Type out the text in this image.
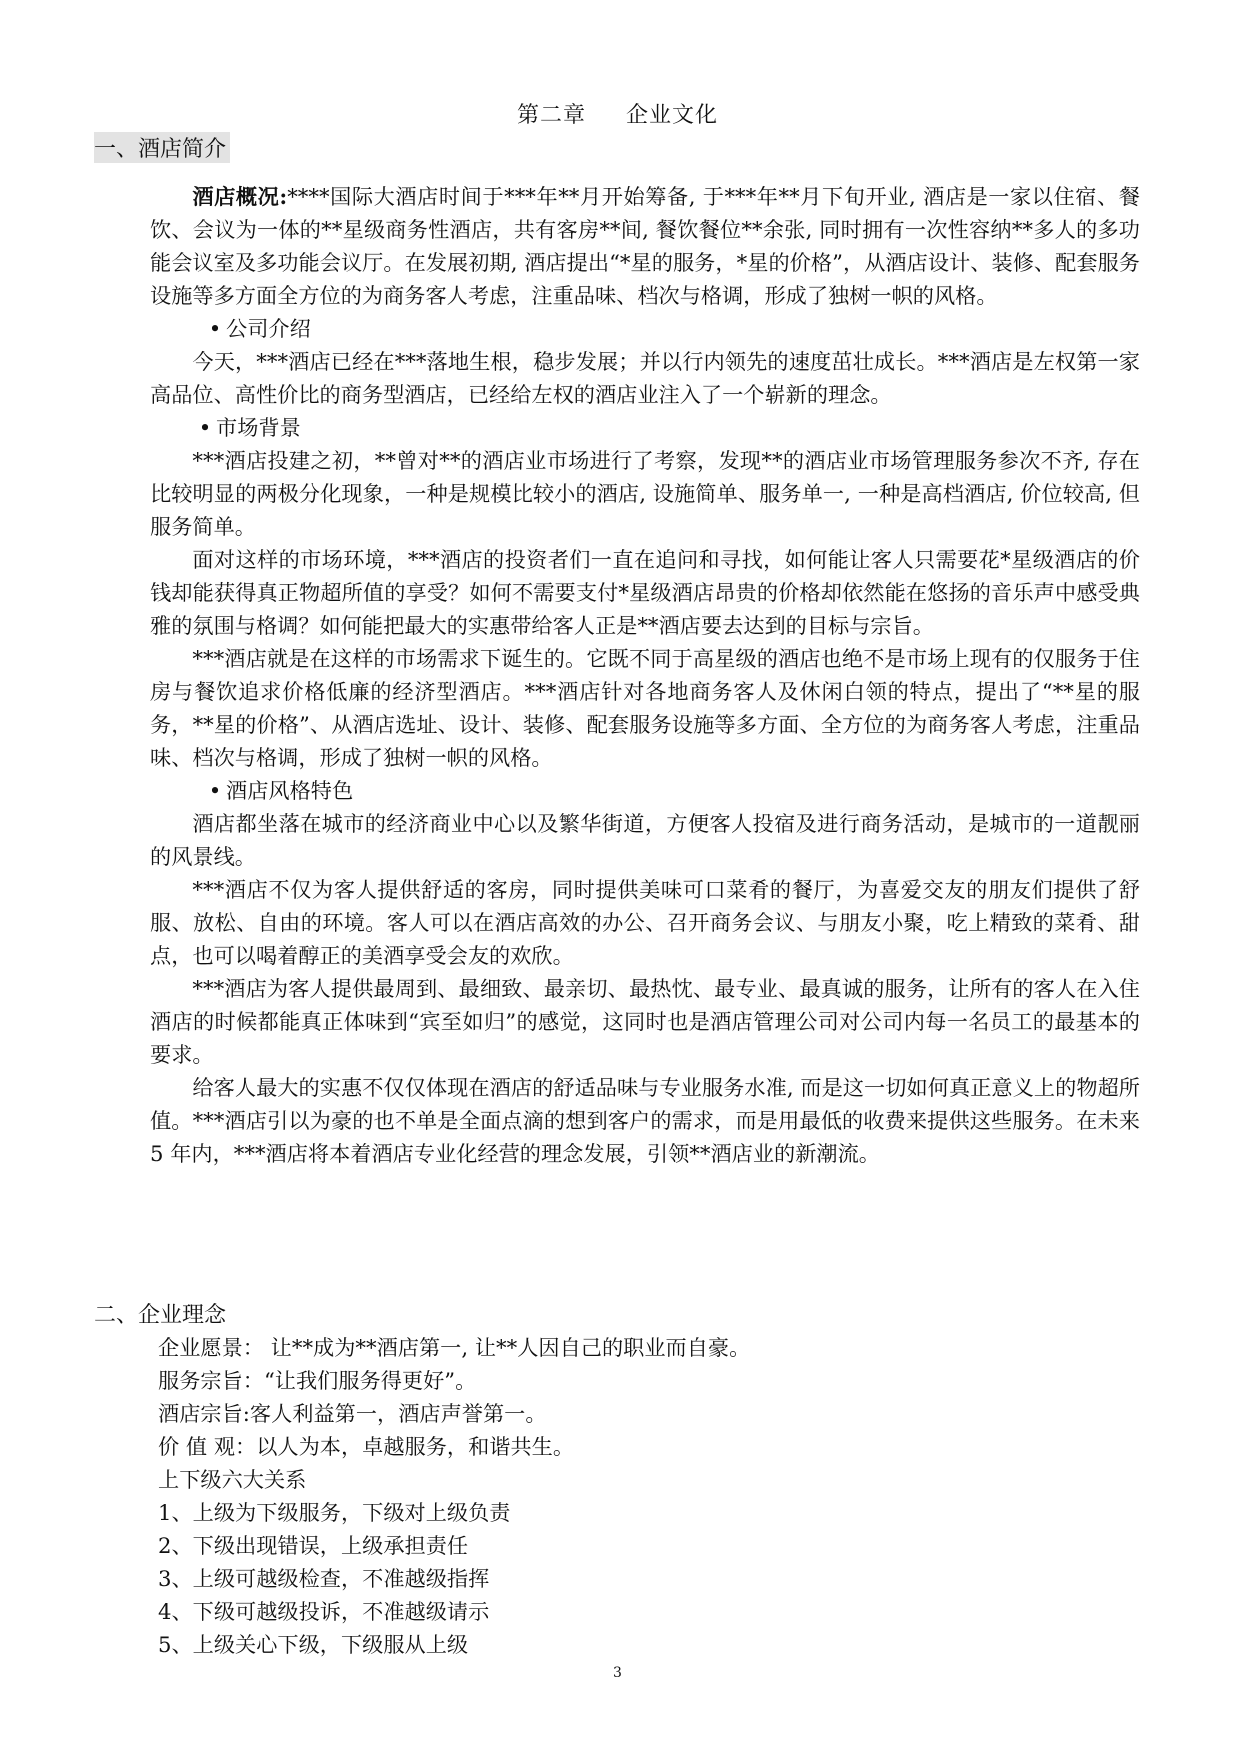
第二章 企业文化
一、酒店简介

酒店概况:****国际大酒店时间于***年**月开始筹备, 于***年**月下旬开业, 酒店是一家以住宿、餐饮、会议为一体的**星级商务性酒店，共有客房**间, 餐饮餐位**余张, 同时拥有一次性容纳**多人的多功能会议室及多功能会议厅。在发展初期, 酒店提出“*星的服务，*星的价格”，从酒店设计、装修、配套服务设施等多方面全方位的为商务客人考虑，注重品味、档次与格调，形成了独树一帜的风格。

• 公司介绍

今天，***酒店已经在***落地生根，稳步发展；并以行内领先的速度茁壮成长。***酒店是左权第一家高品位、高性价比的商务型酒店，已经给左权的酒店业注入了一个崭新的理念。

• 市场背景

***酒店投建之初，**曾对**的酒店业市场进行了考察，发现**的酒店业市场管理服务参次不齐, 存在比较明显的两极分化现象，一种是规模比较小的酒店, 设施简单、服务单一, 一种是高档酒店, 价位较高, 但服务简单。

面对这样的市场环境，***酒店的投资者们一直在追问和寻找，如何能让客人只需要花*星级酒店的价钱却能获得真正物超所值的享受？如何不需要支付*星级酒店昂贵的价格却依然能在悠扬的音乐声中感受典雅的氛围与格调？如何能把最大的实惠带给客人正是**酒店要去达到的目标与宗旨。

***酒店就是在这样的市场需求下诞生的。它既不同于高星级的酒店也绝不是市场上现有的仅服务于住房与餐饮追求价格低廉的经济型酒店。***酒店针对各地商务客人及休闲白领的特点，提出了“**星的服务，**星的价格”、从酒店选址、设计、装修、配套服务设施等多方面、全方位的为商务客人考虑，注重品味、档次与格调，形成了独树一帜的风格。

• 酒店风格特色

酒店都坐落在城市的经济商业中心以及繁华街道，方便客人投宿及进行商务活动，是城市的一道靓丽的风景线。

***酒店不仅为客人提供舒适的客房，同时提供美味可口菜肴的餐厅，为喜爱交友的朋友们提供了舒服、放松、自由的环境。客人可以在酒店高效的办公、召开商务会议、与朋友小聚，吃上精致的菜肴、甜点，也可以喝着醇正的美酒享受会友的欢欣。

***酒店为客人提供最周到、最细致、最亲切、最热忱、最专业、最真诚的服务，让所有的客人在入住酒店的时候都能真正体味到“宾至如归”的感觉，这同时也是酒店管理公司对公司内每一名员工的最基本的要求。

给客人最大的实惠不仅仅体现在酒店的舒适品味与专业服务水准, 而是这一切如何真正意义上的物超所值。***酒店引以为豪的也不单是全面点滴的想到客户的需求，而是用最低的收费来提供这些服务。在未来 5 年内，***酒店将本着酒店专业化经营的理念发展，引领**酒店业的新潮流。

二、企业理念
企业愿景： 让**成为**酒店第一, 让**人因自己的职业而自豪。
服务宗旨：“让我们服务得更好”。
酒店宗旨:客人利益第一，酒店声誉第一。
价 值 观：以人为本，卓越服务，和谐共生。
上下级六大关系
1、上级为下级服务，下级对上级负责
2、下级出现错误，上级承担责任
3、上级可越级检查，不准越级指挥
4、下级可越级投诉，不准越级请示
5、上级关心下级，下级服从上级
3
